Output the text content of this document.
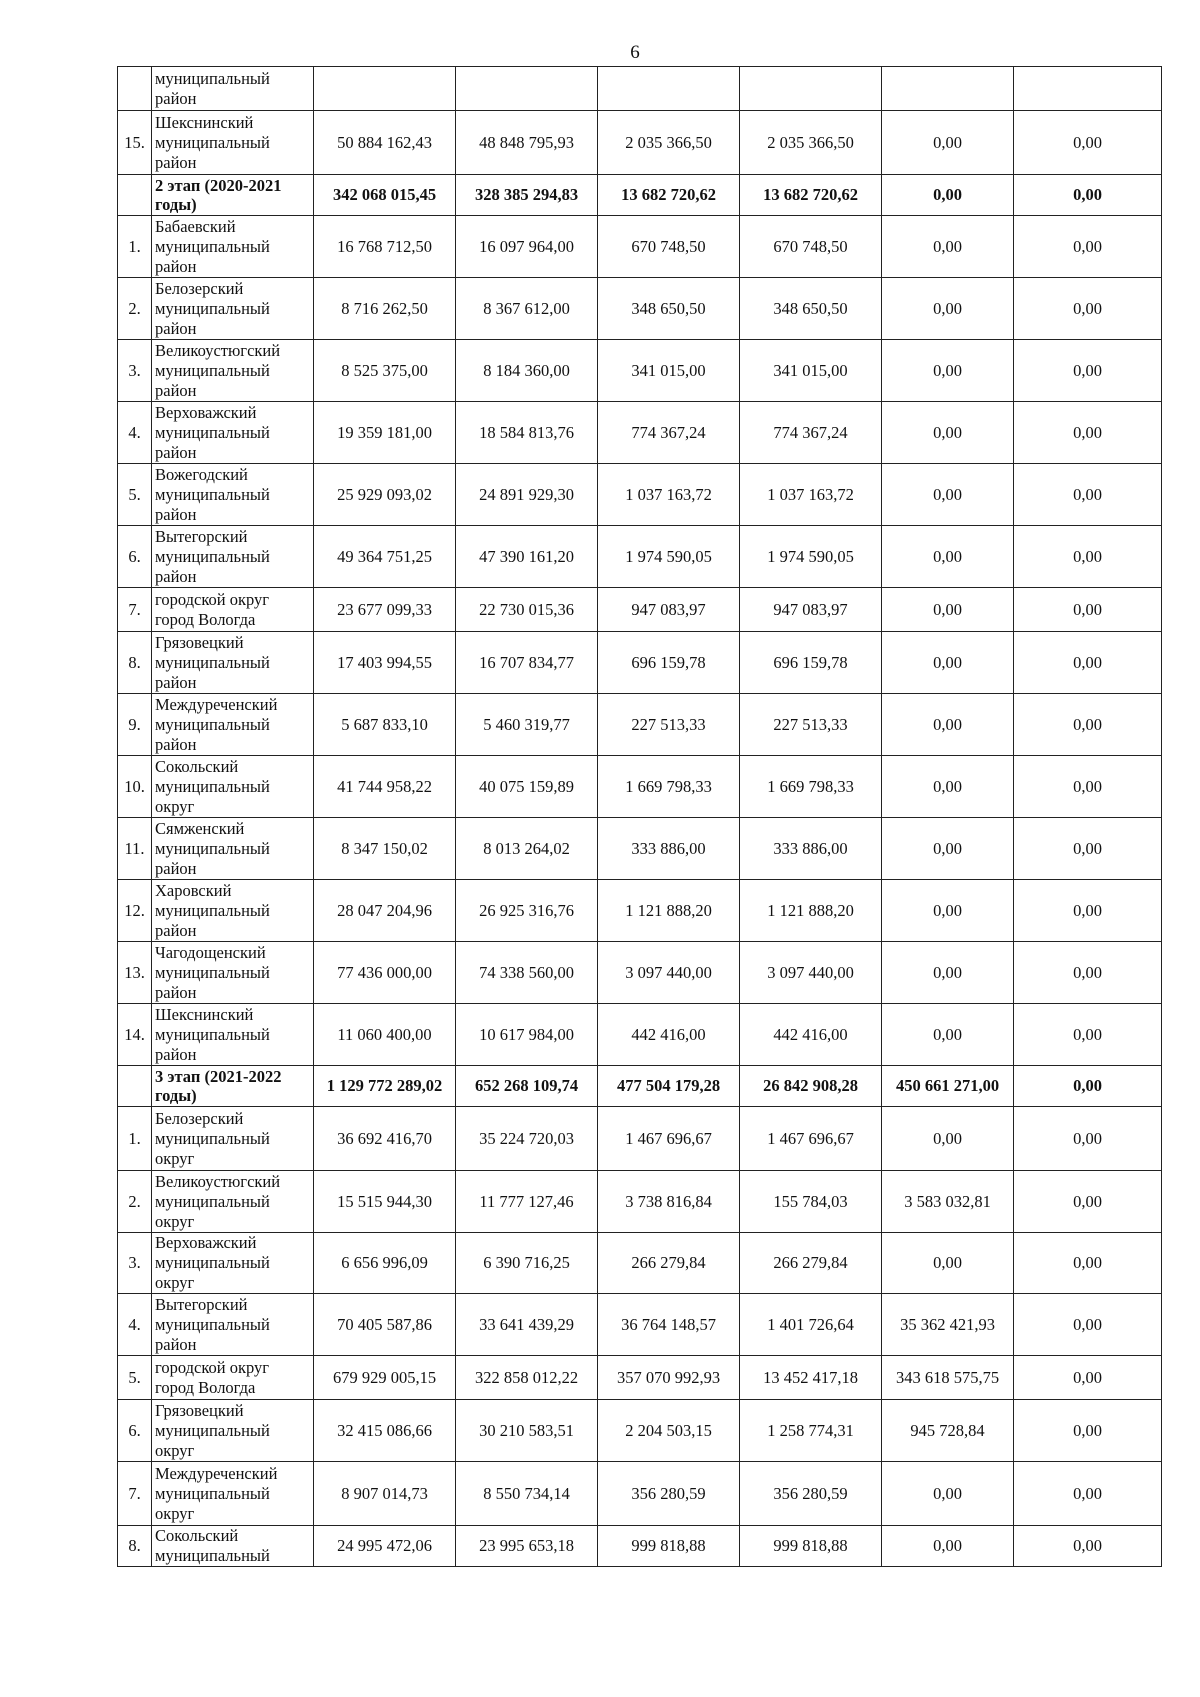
6
	муниципальный район						
15.	Шекснинский муниципальный район	50 884 162,43	48 848 795,93	2 035 366,50	2 035 366,50	0,00	0,00
	2 этап (2020-2021 годы)	342 068 015,45	328 385 294,83	13 682 720,62	13 682 720,62	0,00	0,00
1.	Бабаевский муниципальный район	16 768 712,50	16 097 964,00	670 748,50	670 748,50	0,00	0,00
2.	Белозерский муниципальный район	8 716 262,50	8 367 612,00	348 650,50	348 650,50	0,00	0,00
3.	Великоустюгский муниципальный район	8 525 375,00	8 184 360,00	341 015,00	341 015,00	0,00	0,00
4.	Верховажский муниципальный район	19 359 181,00	18 584 813,76	774 367,24	774 367,24	0,00	0,00
5.	Вожегодский муниципальный район	25 929 093,02	24 891 929,30	1 037 163,72	1 037 163,72	0,00	0,00
6.	Вытегорский муниципальный район	49 364 751,25	47 390 161,20	1 974 590,05	1 974 590,05	0,00	0,00
7.	городской округ город Вологда	23 677 099,33	22 730 015,36	947 083,97	947 083,97	0,00	0,00
8.	Грязовецкий муниципальный район	17 403 994,55	16 707 834,77	696 159,78	696 159,78	0,00	0,00
9.	Междуреченский муниципальный район	5 687 833,10	5 460 319,77	227 513,33	227 513,33	0,00	0,00
10.	Сокольский муниципальный округ	41 744 958,22	40 075 159,89	1 669 798,33	1 669 798,33	0,00	0,00
11.	Сямженский муниципальный район	8 347 150,02	8 013 264,02	333 886,00	333 886,00	0,00	0,00
12.	Харовский муниципальный район	28 047 204,96	26 925 316,76	1 121 888,20	1 121 888,20	0,00	0,00
13.	Чагодощенский муниципальный район	77 436 000,00	74 338 560,00	3 097 440,00	3 097 440,00	0,00	0,00
14.	Шекснинский муниципальный район	11 060 400,00	10 617 984,00	442 416,00	442 416,00	0,00	0,00
	3 этап (2021-2022 годы)	1 129 772 289,02	652 268 109,74	477 504 179,28	26 842 908,28	450 661 271,00	0,00
1.	Белозерский муниципальный округ	36 692 416,70	35 224 720,03	1 467 696,67	1 467 696,67	0,00	0,00
2.	Великоустюгский муниципальный округ	15 515 944,30	11 777 127,46	3 738 816,84	155 784,03	3 583 032,81	0,00
3.	Верховажский муниципальный округ	6 656 996,09	6 390 716,25	266 279,84	266 279,84	0,00	0,00
4.	Вытегорский муниципальный район	70 405 587,86	33 641 439,29	36 764 148,57	1 401 726,64	35 362 421,93	0,00
5.	городской округ город Вологда	679 929 005,15	322 858 012,22	357 070 992,93	13 452 417,18	343 618 575,75	0,00
6.	Грязовецкий муниципальный округ	32 415 086,66	30 210 583,51	2 204 503,15	1 258 774,31	945 728,84	0,00
7.	Междуреченский муниципальный округ	8 907 014,73	8 550 734,14	356 280,59	356 280,59	0,00	0,00
8.	Сокольский муниципальный	24 995 472,06	23 995 653,18	999 818,88	999 818,88	0,00	0,00
